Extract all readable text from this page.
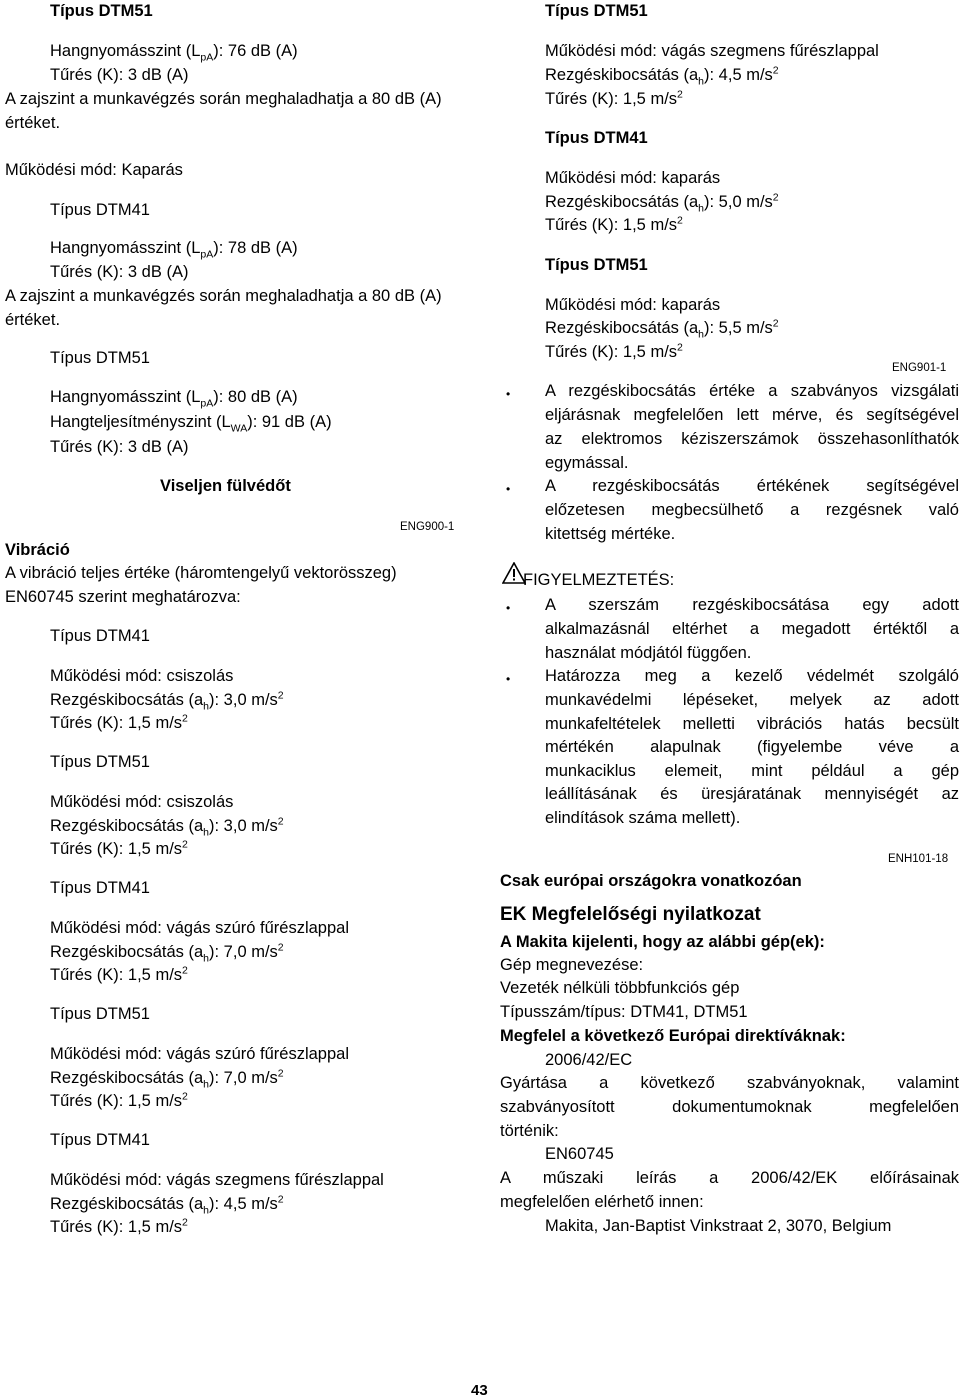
Típus DTM51
Hangnyomásszint $(L_{pA})$: 76 dB (A)
Tűrés (K): 3 dB (A)
A zajszint a munkavégzés során meghaladhatja a 80 dB (A)
értéket.
Működési mód: Kaparás
Típus DTM41
Hangnyomásszint $(L_{pA})$: 78 dB (A)
Tűrés (K): 3 dB (A)
A zajszint a munkavégzés során meghaladhatja a 80 dB (A)
értéket.
Típus DTM51
Hangnyomásszint $(L_{pA})$: 80 dB (A)
Hangteljesítményszint $(L_{WA})$: 91 dB (A)
Tűrés (K): 3 dB (A)
Viseljen fülvédőt
ENG900-1
Vibráció
A vibráció teljes értéke (háromtengelyű vektorösszeg)
EN60745 szerint meghatározva:
Típus DTM41
Működési mód: csiszolás
Rezgéskibocsátás $(a_h)$: 3,0 $m/s^2$
Tűrés (K): 1,5 $m/s^2$
Típus DTM51
Működési mód: csiszolás
Rezgéskibocsátás $(a_h)$: 3,0 $m/s^2$
Tűrés (K): 1,5 $m/s^2$
Típus DTM41
Működési mód: vágás szúró fűrészlappal
Rezgéskibocsátás $(a_h)$: 7,0 $m/s^2$
Tűrés (K): 1,5 $m/s^2$
Típus DTM51
Működési mód: vágás szúró fűrészlappal
Rezgéskibocsátás $(a_h)$: 7,0 $m/s^2$
Tűrés (K): 1,5 $m/s^2$
Típus DTM41
Működési mód: vágás szegmens fűrészlappal
Rezgéskibocsátás $(a_h)$: 4,5 $m/s^2$
Tűrés (K): 1,5 $m/s^2$
Típus DTM51
Működési mód: vágás szegmens fűrészlappal
Rezgéskibocsátás $(a_h)$: 4,5 $m/s^2$
Tűrés (K): 1,5 $m/s^2$
Típus DTM41
Működési mód: kaparás
Rezgéskibocsátás $(a_h)$: 5,0 $m/s^2$
Tűrés (K): 1,5 $m/s^2$
Típus DTM51
Működési mód: kaparás
Rezgéskibocsátás $(a_h)$: 5,5 $m/s^2$
Tűrés (K): 1,5 $m/s^2$
ENG901-1
• A rezgéskibocsátás értéke a szabványos vizsgálati
eljárásnak megfelelően lett mérve, és segítségével
az elektromos kéziszerszámok összehasonlíthatók
egymással.
• A rezgéskibocsátás értékének segítségével
előzetesen megbecsülhető a rezgésnek való
kitettség mértéke.
FIGYELMEZTETÉS:
• A szerszám rezgéskibocsátása egy adott
alkalmazásnál eltérhet a megadott értéktől a
használat módjától függően.
• Határozza meg a kezelő védelmét szolgáló
munkavédelmi lépéseket, melyek az adott
munkafeltételek melletti vibrációs hatás becsült
mértékén alapulnak (figyelembe véve a
munkaciklus elemeit, mint például a gép
leállításának és üresjáratának mennyiségét az
elindítások száma mellett).
ENH101-18
Csak európai országokra vonatkozóan
EK Megfelelőségi nyilatkozat
A Makita kijelenti, hogy az alábbi gép(ek):
Gép megnevezése:
Vezeték nélküli többfunkciós gép
Típusszám/típus: DTM41, DTM51
Megfelel a következő Európai direktíváknak:
2006/42/EC
Gyártása a következő szabványoknak, valamint
szabványosított dokumentumoknak megfelelően
történik:
EN60745
A műszaki leírás a 2006/42/EK előírásainak
megfelelően elérhető innen:
Makita, Jan-Baptist Vinkstraat 2, 3070, Belgium
43
